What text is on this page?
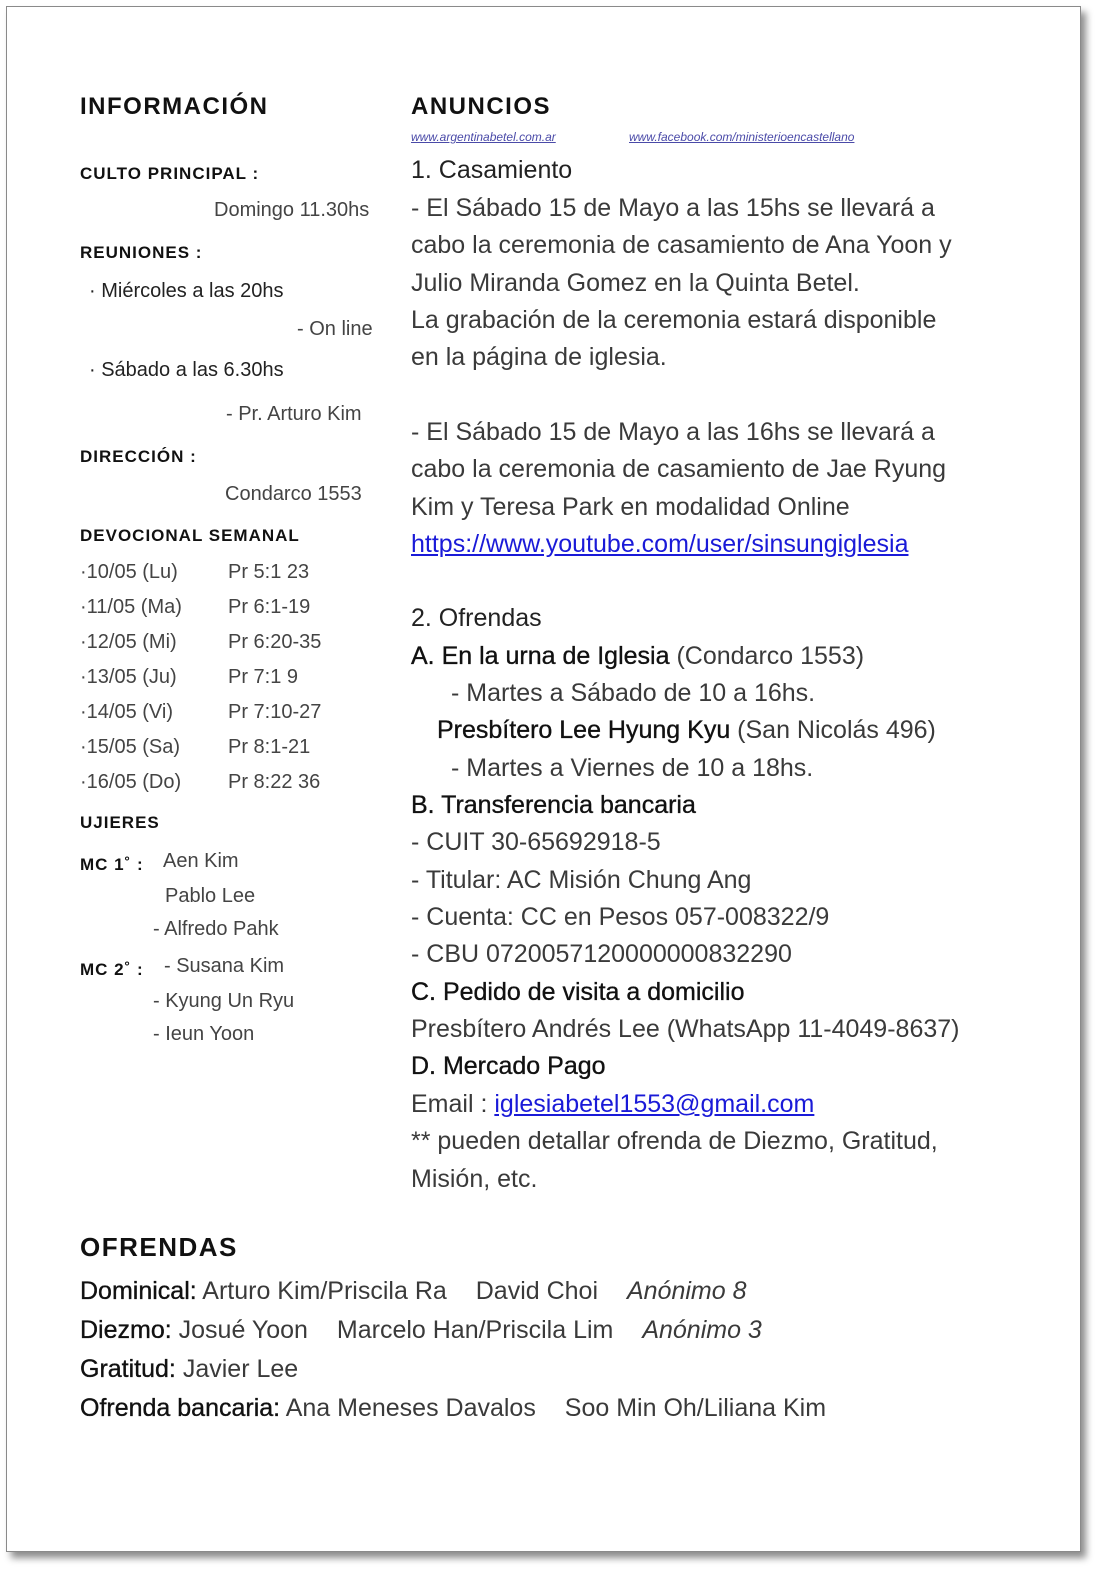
INFORMACIÓN
CULTO PRINCIPAL :
Domingo 11.30hs
REUNIONES :
· Miércoles a las 20hs
- On line
· Sábado a las 6.30hs
- Pr. Arturo Kim
DIRECCIÓN :
Condarco 1553
DEVOCIONAL SEMANAL
·10/05 (Lu)	Pr 5:1 23
·11/05 (Ma) Pr 6:1-19
·12/05 (Mi)	Pr 6:20-35
·13/05 (Ju)	Pr 7:1 9
·14/05 (Vi)	Pr 7:10-27
·15/05 (Sa) Pr 8:1-21
·16/05 (Do) Pr 8:22 36
UJIERES
MC 1˚ : Aen Kim
Pablo Lee
- Alfredo Pahk
MC 2˚ : - Susana Kim
- Kyung Un Ryu
- Ieun Yoon
ANUNCIOS
www.argentinabetel.com.ar	www.facebook.com/ministerioencastellano
1. Casamiento
- El Sábado 15 de Mayo a las 15hs se llevará a
cabo la ceremonia de casamiento de Ana Yoon y
Julio Miranda Gomez en la Quinta Betel.
La grabación de la ceremonia estará disponible
en la página de iglesia.
- El Sábado 15 de Mayo a las 16hs se llevará a
cabo la ceremonia de casamiento de Jae Ryung
Kim y Teresa Park en modalidad Online
https://www.youtube.com/user/sinsungiglesia
2. Ofrendas
A. En la urna de Iglesia (Condarco 1553)
- Martes a Sábado de 10 a 16hs.
Presbítero Lee Hyung Kyu (San Nicolás 496)
- Martes a Viernes de 10 a 18hs.
B. Transferencia bancaria
- CUIT 30-65692918-5
- Titular: AC Misión Chung Ang
- Cuenta: CC en Pesos 057-008322/9
- CBU 0720057120000000832290
C. Pedido de visita a domicilio
Presbítero Andrés Lee (WhatsApp 11-4049-8637)
D. Mercado Pago
Email : iglesiabetel1553@gmail.com
** pueden detallar ofrenda de Diezmo, Gratitud,
Misión, etc.
OFRENDAS
Dominical: Arturo Kim/Priscila Ra David Choi Anónimo 8
Diezmo: Josué Yoon Marcelo Han/Priscila Lim Anónimo 3
Gratitud: Javier Lee
Ofrenda bancaria: Ana Meneses Davalos Soo Min Oh/Liliana Kim
